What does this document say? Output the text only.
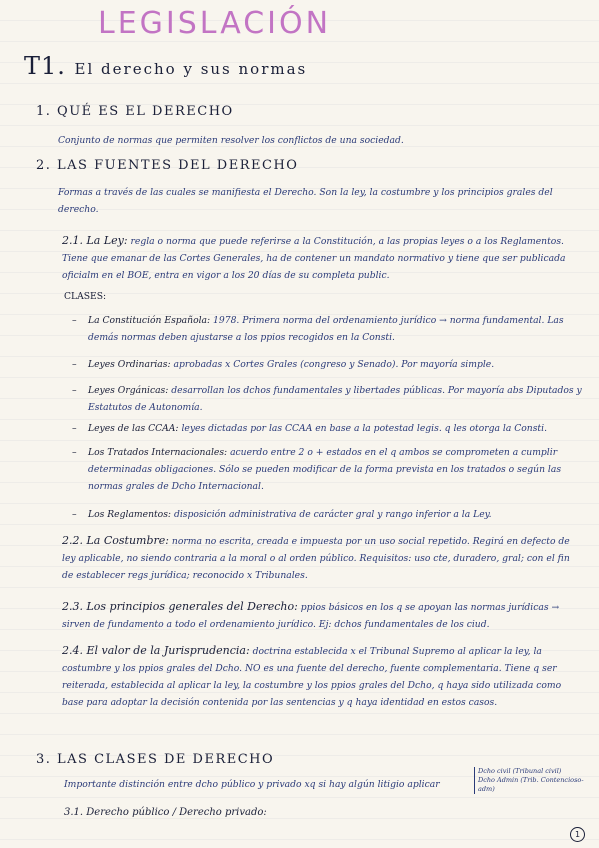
LEGISLACIÓN
T1. El derecho y sus normas
1. QUÉ ES EL DERECHO
Conjunto de normas que permiten resolver los conflictos de una sociedad.
2. LAS FUENTES DEL DERECHO
Formas a través de las cuales se manifiesta el Derecho. Son la ley, la costumbre y los principios grales del derecho.
2.1. La Ley: regla o norma que puede referirse a la Constitución, a las propias leyes o a los Reglamentos. Tiene que emanar de las Cortes Generales, ha de contener un mandato normativo y tiene que ser publicada oficialm en el BOE, entra en vigor a los 20 días de su completa public.
CLASES:
–	La Constitución Española: 1978. Primera norma del ordenamiento jurídico → norma fundamental. Las demás normas deben ajustarse a los ppios recogidos en la Consti.
–	Leyes Ordinarias: aprobadas x Cortes Grales (congreso y Senado). Por mayoría simple.
–	Leyes Orgánicas: desarrollan los dchos fundamentales y libertades públicas. Por mayoría abs Diputados y Estatutos de Autonomía.
–	Leyes de las CCAA: leyes dictadas por las CCAA en base a la potestad legis. q les otorga la Consti.
–	Los Tratados Internacionales: acuerdo entre 2 o + estados en el q ambos se comprometen a cumplir determinadas obligaciones. Sólo se pueden modificar de la forma prevista en los tratados o según las normas grales de Dcho Internacional.
–	Los Reglamentos: disposición administrativa de carácter gral y rango inferior a la Ley.
2.2. La Costumbre: norma no escrita, creada e impuesta por un uso social repetido. Regirá en defecto de ley aplicable, no siendo contraria a la moral o al orden público. Requisitos: uso cte, duradero, gral; con el fin de establecer regs jurídica; reconocido x Tribunales.
2.3. Los principios generales del Derecho: ppios básicos en los q se apoyan las normas jurídicas → sirven de fundamento a todo el ordenamiento jurídico. Ej: dchos fundamentales de los ciud.
2.4. El valor de la Jurisprudencia: doctrina establecida x el Tribunal Supremo al aplicar la ley, la costumbre y los ppios grales del Dcho. NO es una fuente del derecho, fuente complementaria. Tiene q ser reiterada, establecida al aplicar la ley, la costumbre y los ppios grales del Dcho, q haya sido utilizada como base para adoptar la decisión contenida por las sentencias y q haya identidad en estos casos.
3. LAS CLASES DE DERECHO
Importante distinción entre dcho público y privado xq si hay algún litigio aplicar
Dcho civil (Tribunal civil)
Dcho Admin (Trib. Contencioso-adm)
3.1. Derecho público / Derecho privado:
1
